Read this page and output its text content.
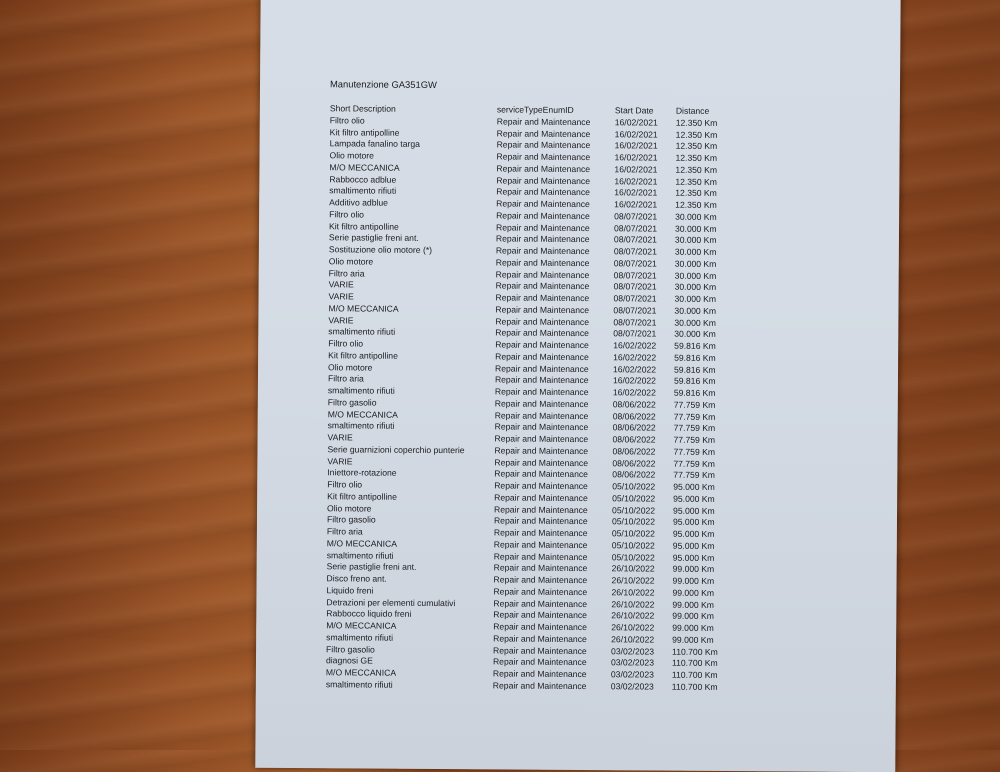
Manutenzione GA351GW
Short Description	serviceTypeEnumID	Start Date	Distance
Filtro olio	Repair and Maintenance	16/02/2021 12.350 Km
Kit filtro antipolline	Repair and Maintenance	16/02/2021 12.350 Km
Lampada fanalino targa	Repair and Maintenance	16/02/2021 12.350 Km
Olio motore	Repair and Maintenance	16/02/2021 12.350 Km
M/O MECCANICA	Repair and Maintenance	16/02/2021 12.350 Km
Rabbocco adblue	Repair and Maintenance	16/02/2021 12.350 Km
smaltimento rifiuti	Repair and Maintenance	16/02/2021 12.350 Km
Additivo adblue	Repair and Maintenance	16/02/2021 12.350 Km
Filtro olio	Repair and Maintenance	08/07/2021 30.000 Km
Kit filtro antipolline	Repair and Maintenance	08/07/2021 30.000 Km
Serie pastiglie freni ant.	Repair and Maintenance	08/07/2021 30.000 Km
Sostituzione olio motore (*)	Repair and Maintenance	08/07/2021 30.000 Km
Olio motore	Repair and Maintenance	08/07/2021 30.000 Km
Filtro aria	Repair and Maintenance	08/07/2021 30.000 Km
VARIE	Repair and Maintenance	08/07/2021 30.000 Km
VARIE	Repair and Maintenance	08/07/2021 30.000 Km
M/O MECCANICA	Repair and Maintenance	08/07/2021 30.000 Km
VARIE	Repair and Maintenance	08/07/2021 30.000 Km
smaltimento rifiuti	Repair and Maintenance	08/07/2021 30.000 Km
Filtro olio	Repair and Maintenance	16/02/2022 59.816 Km
Kit filtro antipolline	Repair and Maintenance	16/02/2022 59.816 Km
Olio motore	Repair and Maintenance	16/02/2022 59.816 Km
Filtro aria	Repair and Maintenance	16/02/2022 59.816 Km
smaltimento rifiuti	Repair and Maintenance	16/02/2022 59.816 Km
Filtro gasolio	Repair and Maintenance	08/06/2022 77.759 Km
M/O MECCANICA	Repair and Maintenance	08/06/2022 77.759 Km
smaltimento rifiuti	Repair and Maintenance	08/06/2022 77.759 Km
VARIE	Repair and Maintenance	08/06/2022 77.759 Km
Serie guarnizioni coperchio punterie	Repair and Maintenance	08/06/2022 77.759 Km
VARIE	Repair and Maintenance	08/06/2022 77.759 Km
Iniettore-rotazione	Repair and Maintenance	08/06/2022 77.759 Km
Filtro olio	Repair and Maintenance	05/10/2022 95.000 Km
Kit filtro antipolline	Repair and Maintenance	05/10/2022 95.000 Km
Olio motore	Repair and Maintenance	05/10/2022 95.000 Km
Filtro gasolio	Repair and Maintenance	05/10/2022 95.000 Km
Filtro aria	Repair and Maintenance	05/10/2022 95.000 Km
M/O MECCANICA	Repair and Maintenance	05/10/2022 95.000 Km
smaltimento rifiuti	Repair and Maintenance	05/10/2022 95.000 Km
Serie pastiglie freni ant.	Repair and Maintenance	26/10/2022 99.000 Km
Disco freno ant.	Repair and Maintenance	26/10/2022 99.000 Km
Liquido freni	Repair and Maintenance	26/10/2022 99.000 Km
Detrazioni per elementi cumulativi	Repair and Maintenance	26/10/2022 99.000 Km
Rabbocco liquido freni	Repair and Maintenance	26/10/2022 99.000 Km
M/O MECCANICA	Repair and Maintenance	26/10/2022 99.000 Km
smaltimento rifiuti	Repair and Maintenance	26/10/2022 99.000 Km
Filtro gasolio	Repair and Maintenance	03/02/2023 110.700 Km
diagnosi GE	Repair and Maintenance	03/02/2023 110.700 Km
M/O MECCANICA	Repair and Maintenance	03/02/2023 110.700 Km
smaltimento rifiuti	Repair and Maintenance	03/02/2023 110.700 Km
